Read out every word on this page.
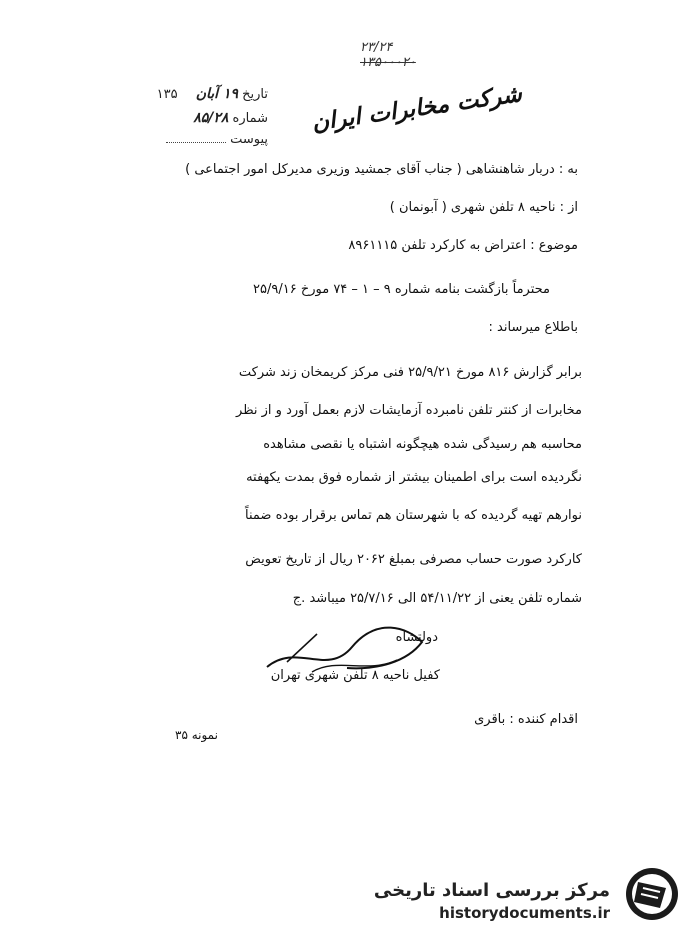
۲۳/۲۴
۱۳۵۰۰۰۲۰
تاریخ ۱۹ آبان ۱۳۵
شماره ۸۵/۲۸
پیوست
شرکت مخابرات ایران
به : دربار شاهنشاهی ( جناب آقای جمشید وزیری مدیرکل امور اجتماعی )
از : ناحیه ۸ تلفن شهری ( آبونمان )
موضوع : اعتراض به کارکرد تلفن ۸۹۶۱۱۱۵
محترماً بازگشت بنامه شماره ۹ – ۱ – ۷۴ مورخ ۲۵/۹/۱۶
باطلاع میرساند :
برابر گزارش ۸۱۶ مورخ ۲۵/۹/۲۱ فنی مرکز کریمخان زند شرکت
مخابرات از کنتر تلفن نامبرده آزمایشات لازم بعمل آورد و از نظر
محاسبه هم رسیدگی شده هیچگونه اشتباه یا نقصی مشاهده
نگردیده است برای اطمینان بیشتر از شماره فوق بمدت یکهفته
نوارهم تهیه گردیده که با شهرستان هم تماس برقرار بوده ضمناً
کارکرد صورت حساب مصرفی بمبلغ ۲۰۶۲ ریال از تاریخ تعویض
شماره تلفن یعنی از ۵۴/۱۱/۲۲ الی ۲۵/۷/۱۶ میباشد .ج
دولتشاه
کفیل ناحیه ۸ تلفن شهری تهران
اقدام کننده : باقری
نمونه ۳۵
مرکز بررسی اسناد تاریخی
historydocuments.ir
